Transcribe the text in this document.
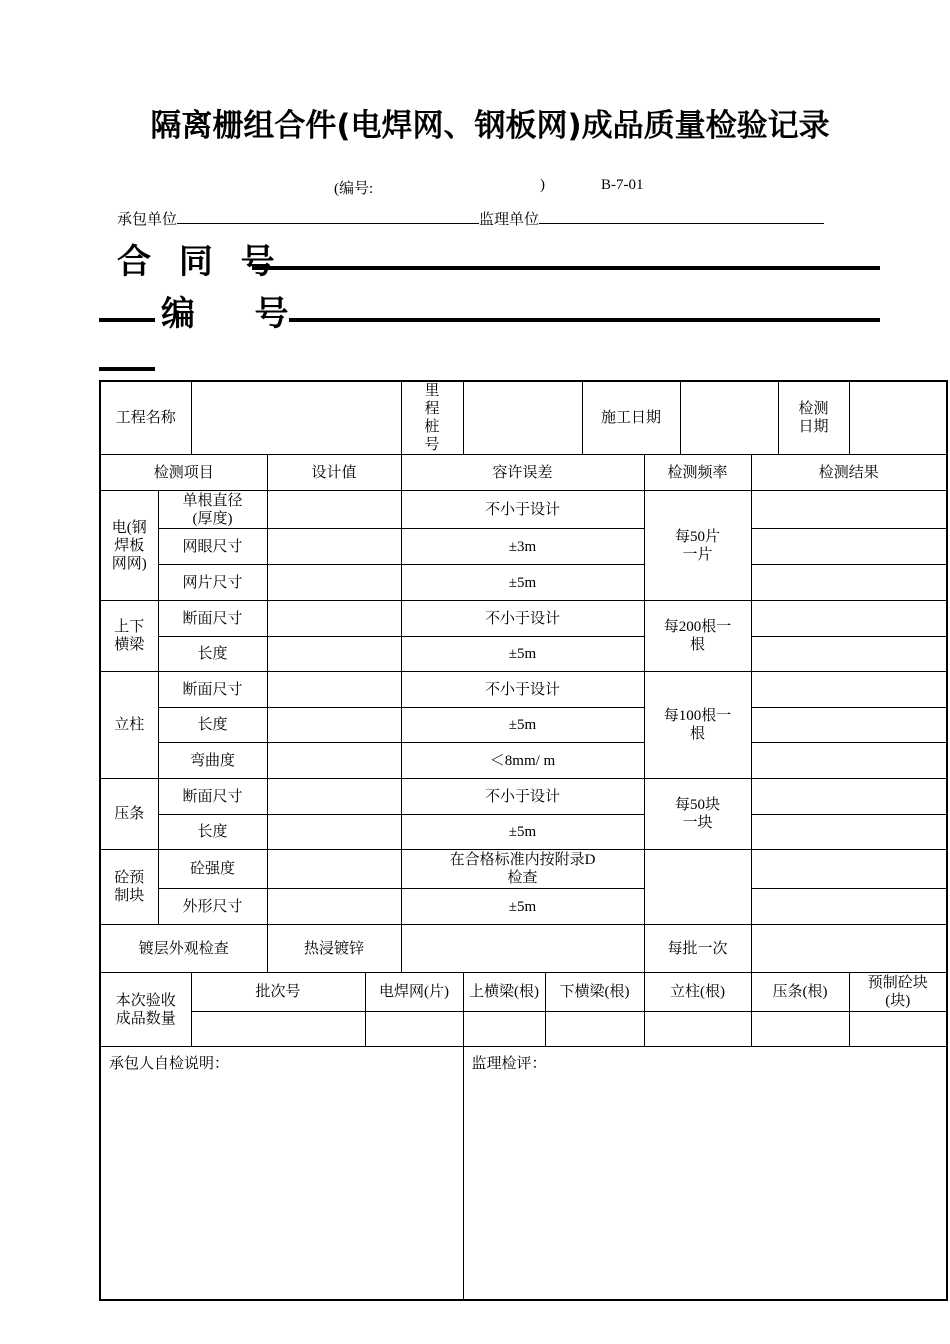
隔离栅组合件(电焊网、钢板网)成品质量检验记录
(编号:	)	B-7-01
承包单位	监理单位
合 同 号
编   号
工程名称					里程桩号			施工日期				检测日期	
检测项目			设计值		容许误差				检测频率		检测结果		
电(钢焊板网网)	单根直径(厚度)				不小于设计				每50片一片				
	网眼尺寸				±3m								
	网片尺寸				±5m								
上下横梁	断面尺寸				不小于设计				每200根一根				
	长度				±5m								
立柱	断面尺寸				不小于设计				每100根一根				
	长度				±5m								
	弯曲度				＜8mm/ m								
压条	断面尺寸				不小于设计				每50块一块				
	长度				±5m								
砼预制块	砼强度				在合格标准内按附录D检查								
	外形尺寸				±5m								
镀层外观检查			热浸镀锌						每批一次				
本次验收成品数量		批次号		电焊网(片)		上横梁(根)	下横梁(根)		立柱(根)		压条(根)		预制砼块(块)

承包人自检说明：						监理检评：							
